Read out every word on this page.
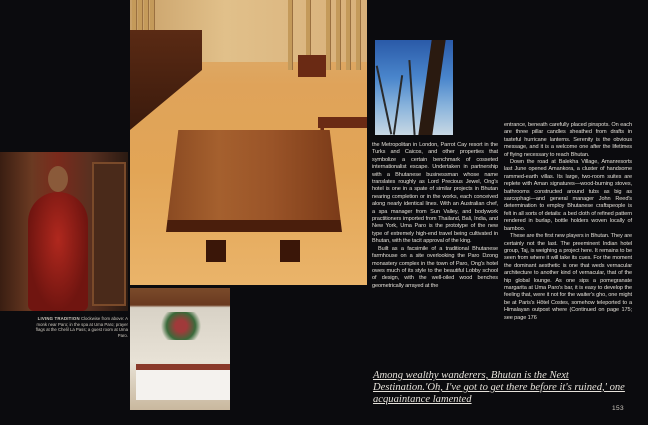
LIVING TRADITION Clockwise from above: A monk near Paro; in the spa at Uma Paro; prayer flags at the Chelil La Pass; a guest room at Uma Paro.

the Metropolitan in London, Parrot Cay resort in the Turks and Caicos, and other properties that symbolize a certain benchmark of cosseted internationalist escape. Undertaken in partnership with a Bhutanese businessman whose name translates roughly as Lord Precious Jewel, Ong's hotel is one in a spate of similar projects in Bhutan nearing completion or in the works, each conceived along nearly identical lines. With an Australian chef, a spa manager from Sun Valley, and bodywork practitioners imported from Thailand, Bali, India, and New York, Uma Paro is the prototype of the new type of extremely high-end travel being cultivated in Bhutan, with the tacit approval of the king.

Built as a facsimile of a traditional Bhutanese farmhouse on a site overlooking the Paro Dzong monastery complex in the town of Paro, Ong's hotel owes much of its style to the beautiful Lobby school of design, with the well-oiled wood benches geometrically arrayed at the

entrance, beneath carefully placed pinspots. On each are three pillar candles sheathed from drafts in tasteful hurricane lanterns. Serenity is the obvious message, and it is a welcome one after the lifetimes of flying necessary to reach Bhutan.

Down the road at Balekha Village, Amanresorts last June opened Amankora, a cluster of handsome rammed-earth villas. Its large, two-room suites are replete with Aman signatures—wood-burning stoves, bathrooms constructed around tubs as big as sarcophagi—and general manager John Reed's determination to employ Bhutanese craftspeople is felt in all sorts of details: a bed cloth of refined pattern rendered in burlap, bottle holders woven locally of bamboo.

These are the first new players in Bhutan. They are certainly not the last. The preeminent Indian hotel group, Taj, is weighing a project here. It remains to be seen from where it will take its cues. For the moment the dominant aesthetic is one that weds vernacular architecture to another kind of vernacular, that of the hip global lounge. As one sips a pomegranate margarita at Uma Paro's bar, it is easy to develop the feeling that, were it not for the waiter's gho, one might be at Paris's Hôtel Costes, somehow teleported to a Himalayan outpost where (Continued on page 175; see page 176

Among wealthy wanderers, Bhutan is the Next Destination.'Oh, I've got to get there before it's ruined,' one acquaintance lamented
153
